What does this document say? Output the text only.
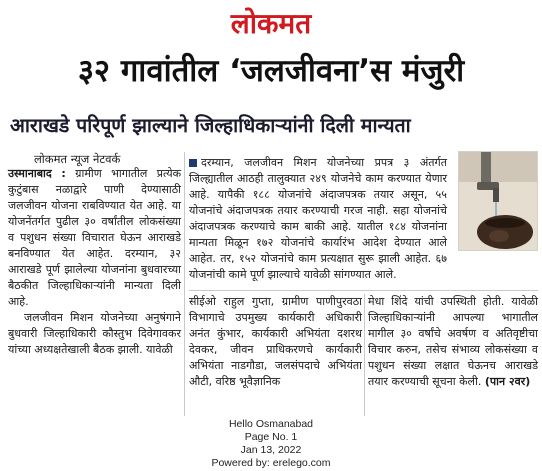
लोकमत
३२ गावांतील ‘जलजीवना’स मंजुरी
आराखडे परिपूर्ण झाल्याने जिल्हाधिकाऱ्यांनी दिली मान्यता
लोकमत न्यूज नेटवर्क

उस्मानाबाद : ग्रामीण भागातील प्रत्येक कुटुंबास नळाद्वारे पाणी देण्यासाठी जलजीवन योजना राबविण्यात येत आहे. या योजनेंतर्गत पुढील ३० वर्षांतील लोकसंख्या व पशुधन संख्या विचारात घेऊन आराखडे बनविण्यात येत आहेत. दरम्यान, ३२ आराखडे पूर्ण झालेल्या योजनांना बुधवारच्या बैठकीत जिल्हाधिकाऱ्यांनी मान्यता दिली आहे.

जलजीवन मिशन योजनेच्या अनुषंगाने बुधवारी जिल्हाधिकारी कौस्तुभ दिवेगावकर यांच्या अध्यक्षतेखाली बैठक झाली. यावेळी

दरम्यान, जलजीवन मिशन योजनेच्या प्रपत्र ३ अंतर्गत जिल्ह्यातील आठही तालुक्यात २४९ योजनेचे काम करण्यात येणार आहे. यापैकी १८८ योजनांचे अंदाजपत्रक तयार असून, ५५ योजनांचे अंदाजपत्रक तयार करण्याची गरज नाही. सहा योजनांचे अंदाजपत्रक करण्याचे काम बाकी आहे. यातील १८४ योजनांना मान्यता मिळून १७२ योजनांचे कार्यारंभ आदेश देण्यात आले आहेत. तर, १५२ योजनांचे काम प्रत्यक्षात सुरू झाली आहेत. ६७ योजनांची कामे पूर्ण झाल्याचे यावेळी सांगण्यात आले.

सीईओ राहुल गुप्ता, ग्रामीण पाणीपुरवठा विभागाचे उपमुख्य कार्यकारी अधिकारी अनंत कुंभार, कार्यकारी अभियंता दशरथ देवकर, जीवन प्राधिकरणचे कार्यकारी अभियंता नाडगौडा, जलसंपदाचे अभियंता औटी, वरिष्ठ भूवैज्ञानिक

मेधा शिंदे यांची उपस्थिती होती. यावेळी जिल्हाधिकाऱ्यांनी आपल्या भागातील मागील ३० वर्षांचे अवर्षण व अतिवृष्टीचा विचार करुन, तसेच संभाव्य लोकसंख्या व पशुधन संख्या लक्षात घेऊनच आराखडे तयार करण्याची सूचना केली. (पान २वर)

Hello Osmanabad
Page No. 1
Jan 13, 2022
Powered by: erelego.com
